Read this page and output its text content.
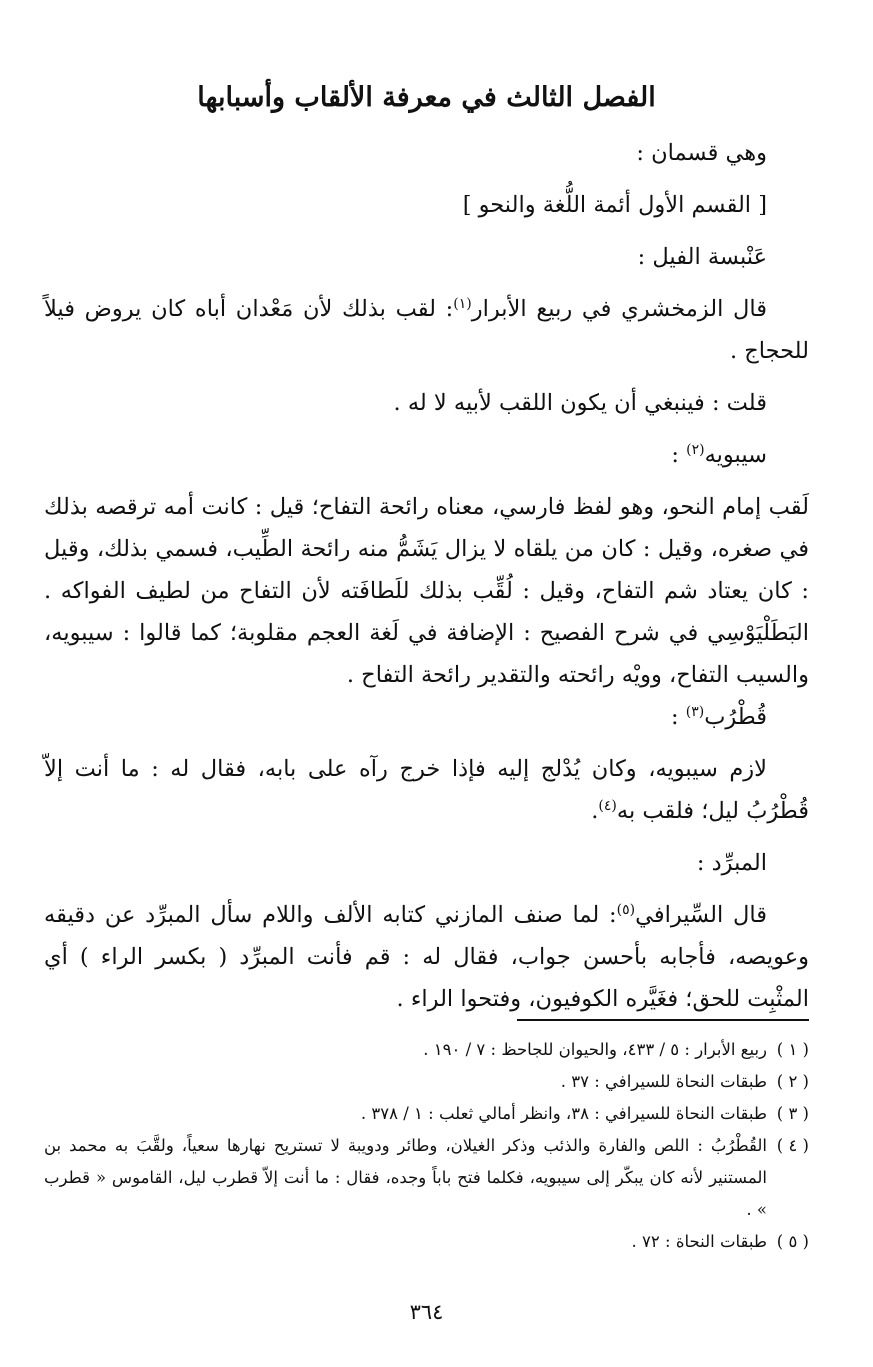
الفصل الثالث في معرفة الألقاب وأسبابها

وهي قسمان :

[ القسم الأول أئمة اللُّغة والنحو ]

عَنْبسة الفيل :

قال الزمخشري في ربيع الأبرار$^{(١)}$: لقب بذلك لأن مَعْدان أباه كان يروض فيلاً للحجاج .

قلت : فينبغي أن يكون اللقب لأبيه لا له .

سيبويه$^{(٢)}$ :

لَقب إمام النحو، وهو لفظ فارسي، معناه رائحة التفاح؛ قيل : كانت أمه ترقصه بذلك في صغره، وقيل : كان من يلقاه لا يزال يَشَمُّ منه رائحة الطِّيب، فسمي بذلك، وقيل : كان يعتاد شم التفاح، وقيل : لُقِّب بذلك للَطافَته لأن التفاح من لطيف الفواكه . البَطَلْيَوْسِي في شرح الفصيح : الإضافة في لَغة العجم مقلوبة؛ كما قالوا : سيبويه، والسيب التفاح، وويْه رائحته والتقدير رائحة التفاح .

قُطْرُب$^{(٣)}$ :

لازم سيبويه، وكان يُدْلج إليه فإذا خرج رآه على بابه، فقال له : ما أنت إلاّ قُطْرُبُ ليل؛ فلقب به$^{(٤)}$.

المبرِّد :

قال السِّيرافي$^{(٥)}$: لما صنف المازني كتابه الألف واللام سأل المبرِّد عن دقيقه وعويصه، فأجابه بأحسن جواب، فقال له : قم فأنت المبرِّد ( بكسر الراء ) أي المثْبِت للحق؛ فغَيَّره الكوفيون، وفتحوا الراء .

( ١ )
ربيع الأبرار : ٥ / ٤٣٣، والحيوان للجاحظ : ٧ / ١٩٠ .
( ٢ )
طبقات النحاة للسيرافي : ٣٧ .
( ٣ )
طبقات النحاة للسيرافي : ٣٨، وانظر أمالي ثعلب : ١ / ٣٧٨ .
( ٤ )
القُطْرُبُ : اللص والفارة والذئب وذكر الغيلان، وطائر ودويبة لا تستريح نهارها سعياً، ولقَّبَ به محمد بن المستنير لأنه كان يبكّر إلى سيبويه، فكلما فتح باباً وجده، فقال : ما أنت إلاّ قطرب ليل، القاموس « قطرب » .
( ٥ )
طبقات النحاة : ٧٢ .
٣٦٤
